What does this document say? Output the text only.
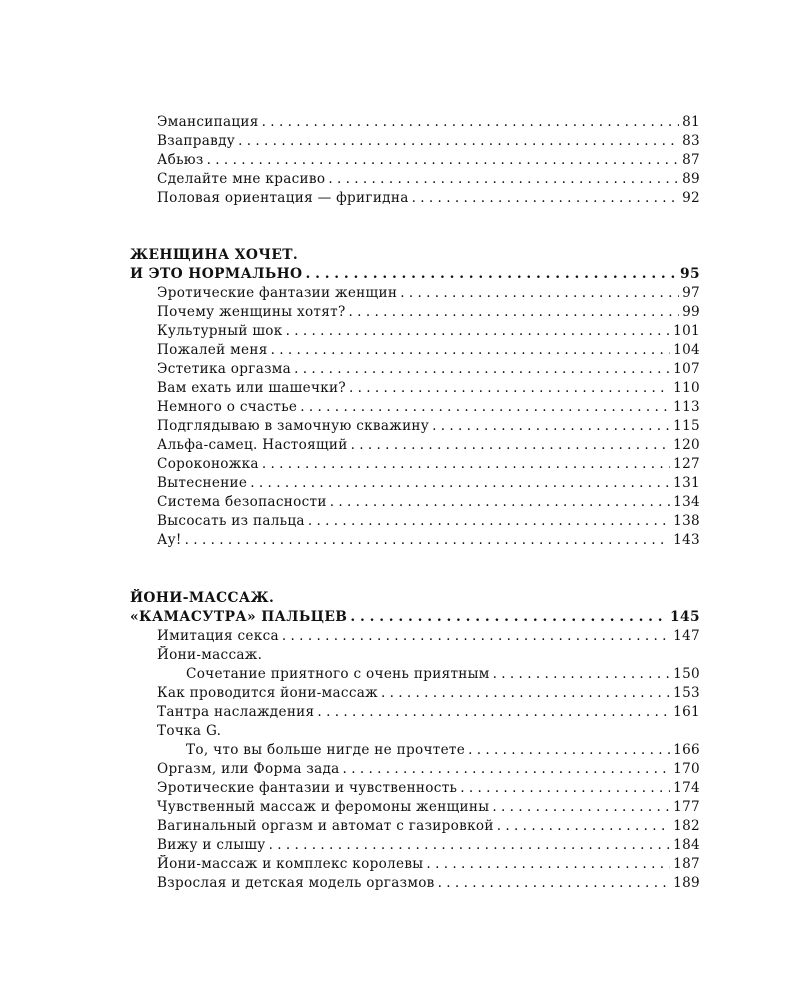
Эмансипация . . .	81
Взаправду . . .	83
Абьюз . . .	87
Сделайте мне красиво . . .	89
Половая ориентация — фригидна . . .	92
ЖЕНЩИНА ХОЧЕТ.
И ЭТО НОРМАЛЬНО . . .	95
Эротические фантазии женщин . . .	97
Почему женщины хотят? . . .	99
Культурный шок . . .	101
Пожалей меня . . .	104
Эстетика оргазма . . .	107
Вам ехать или шашечки? . . .	110
Немного о счастье . . .	113
Подглядываю в замочную скважину . . .	115
Альфа-самец. Настоящий . . .	120
Сороконожка . . .	127
Вытеснение . . .	131
Система безопасности . . .	134
Высосать из пальца . . .	138
Ау! . . .	143
ЙОНИ-МАССАЖ.
«КАМАСУТРА» ПАЛЬЦЕВ . . .	145
Имитация секса . . .	147
Йони-массаж.
Сочетание приятного с очень приятным . . .	150
Как проводится йони-массаж . . .	153
Тантра наслаждения . . .	161
Точка G.
То, что вы больше нигде не прочтете . . .	166
Оргазм, или Форма зада . . .	170
Эротические фантазии и чувственность . . .	174
Чувственный массаж и феромоны женщины . . .	177
Вагинальный оргазм и автомат с газировкой . . .	182
Вижу и слышу . . .	184
Йони-массаж и комплекс королевы . . .	187
Взрослая и детская модель оргазмов . . .	189
